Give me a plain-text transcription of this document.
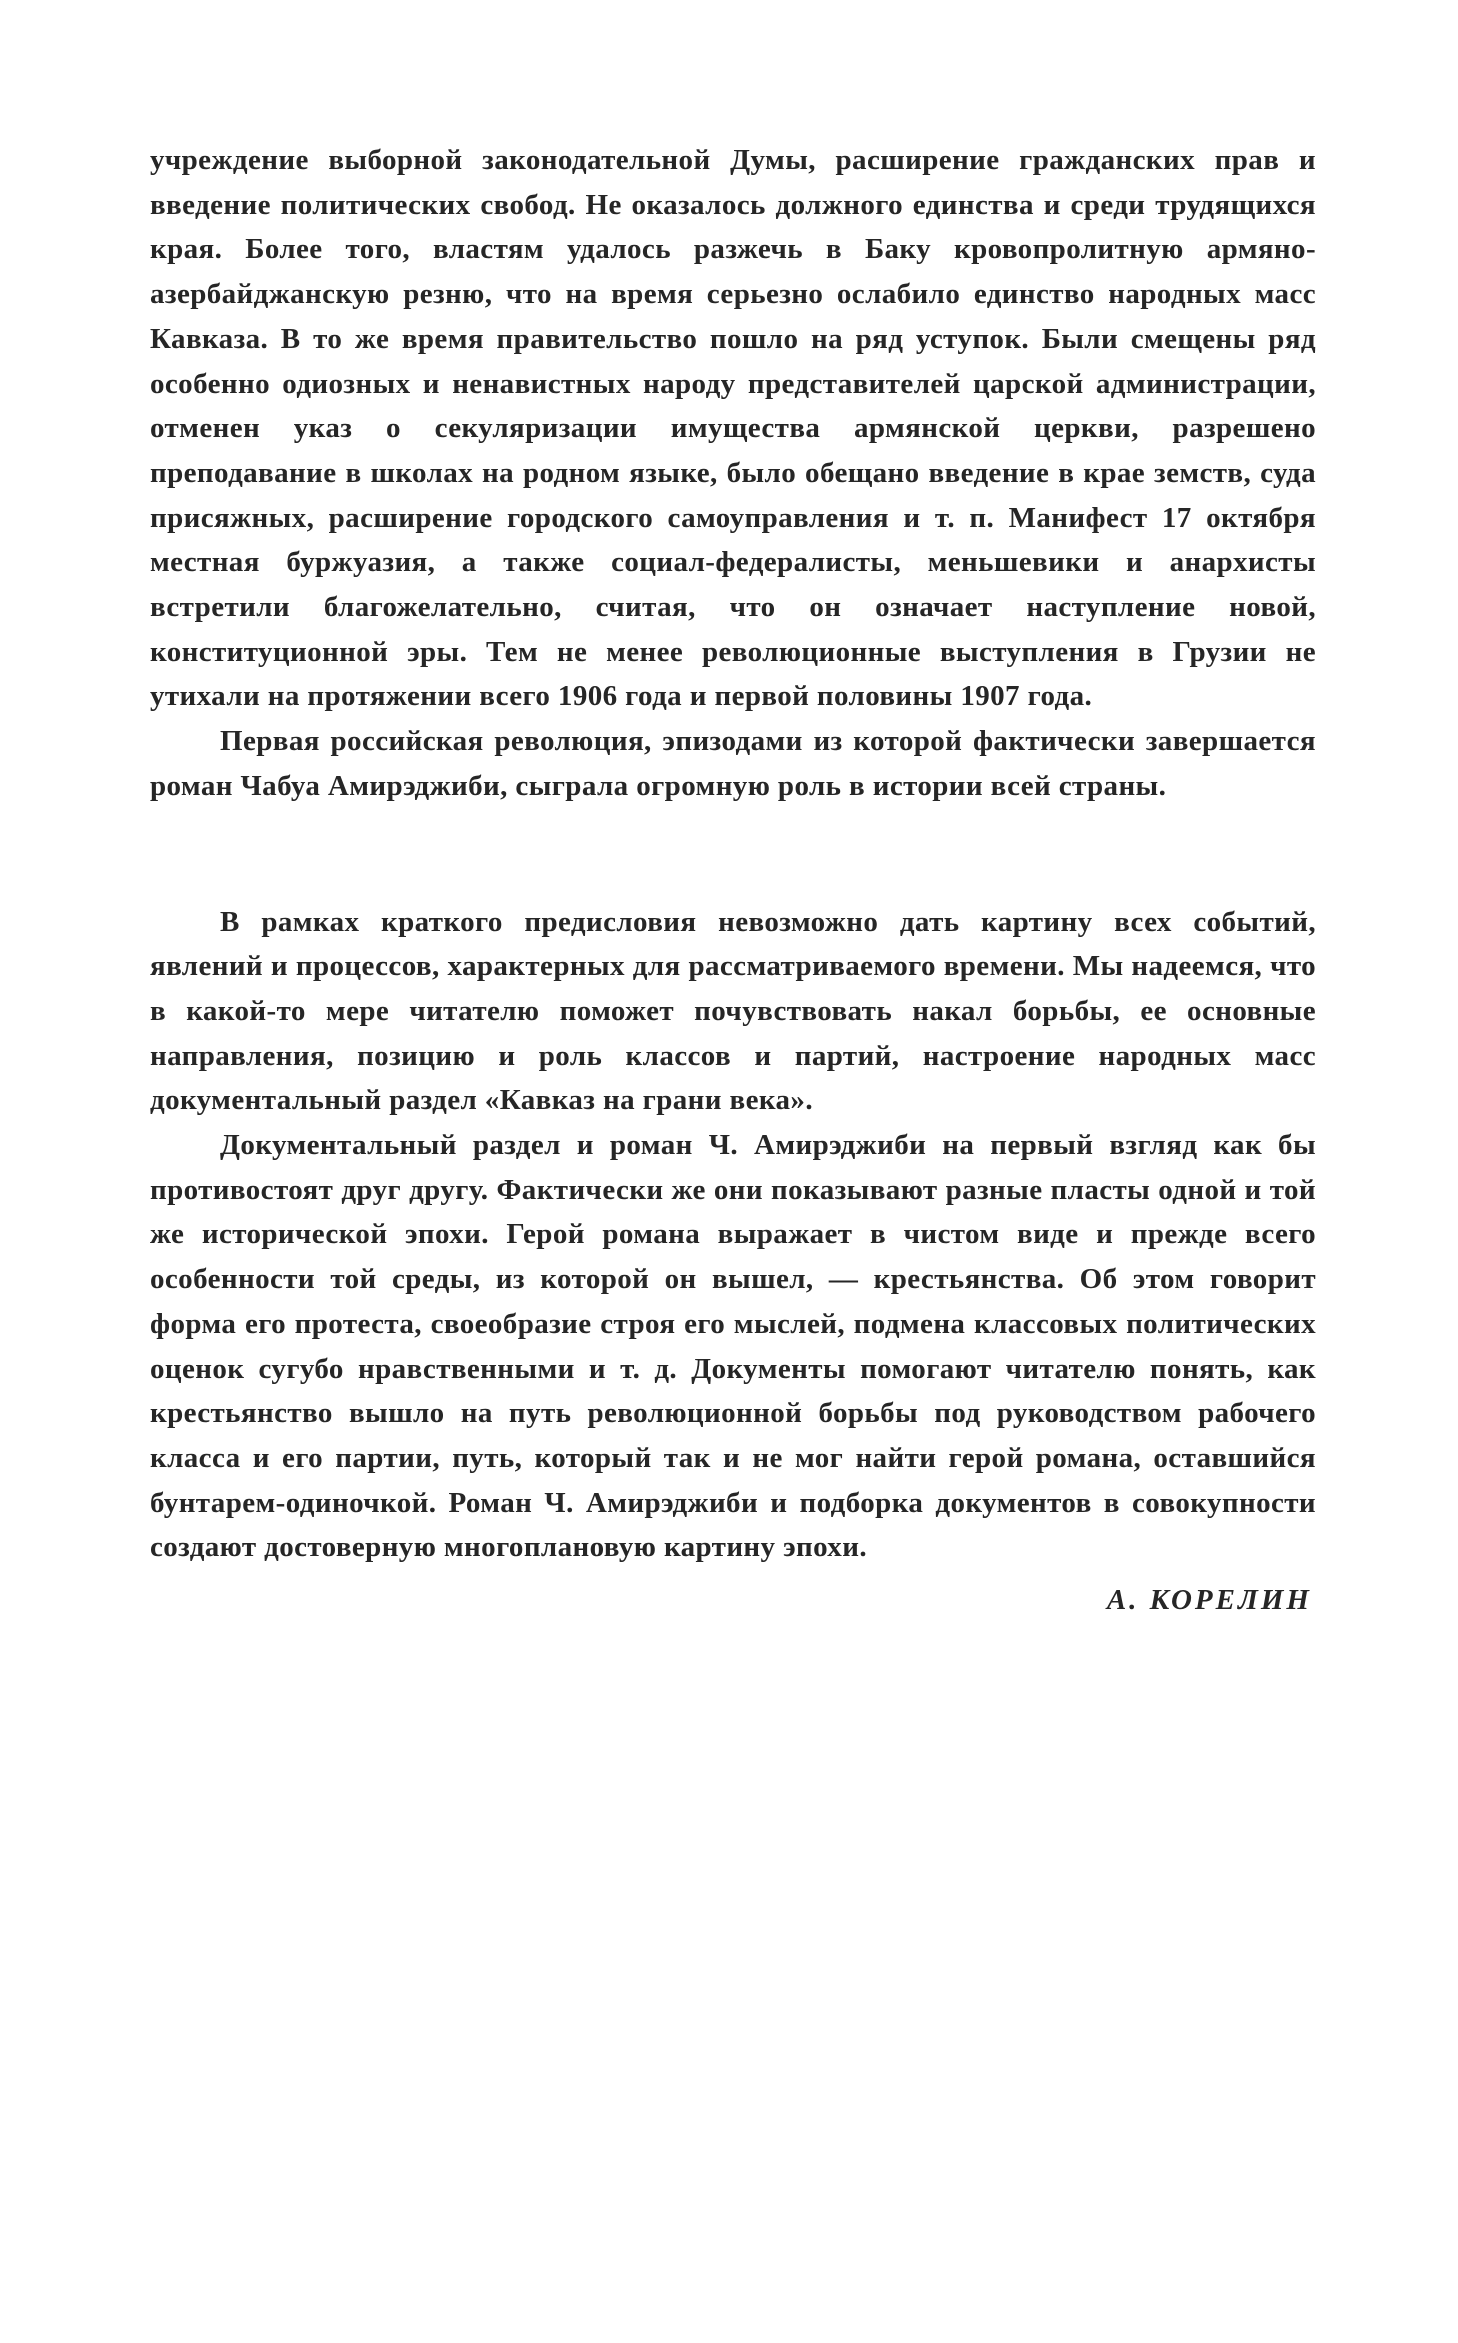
учреждение выборной законодательной Думы, расширение гражданских прав и введение политических свобод. Не оказалось должного единства и среди трудящихся края. Более того, властям удалось разжечь в Баку кровопролитную армяно-азербайджанскую резню, что на время серьезно ослабило единство народных масс Кавказа. В то же время правительство пошло на ряд уступок. Были смещены ряд особенно одиозных и ненавистных народу представителей царской администрации, отменен указ о секуляризации имущества армянской церкви, разрешено преподавание в школах на родном языке, было обещано введение в крае земств, суда присяжных, расширение городского самоуправления и т. п. Манифест 17 октября местная буржуазия, а также социал-федералисты, меньшевики и анархисты встретили благожелательно, считая, что он означает наступление новой, конституционной эры. Тем не менее революционные выступления в Грузии не утихали на протяжении всего 1906 года и первой половины 1907 года.

Первая российская революция, эпизодами из которой фактически завершается роман Чабуа Амирэджиби, сыграла огромную роль в истории всей страны.

В рамках краткого предисловия невозможно дать картину всех событий, явлений и процессов, характерных для рассматриваемого времени. Мы надеемся, что в какой-то мере читателю поможет почувствовать накал борьбы, ее основные направления, позицию и роль классов и партий, настроение народных масс документальный раздел «Кавказ на грани века».

Документальный раздел и роман Ч. Амирэджиби на первый взгляд как бы противостоят друг другу. Фактически же они показывают разные пласты одной и той же исторической эпохи. Герой романа выражает в чистом виде и прежде всего особенности той среды, из которой он вышел, — крестьянства. Об этом говорит форма его протеста, своеобразие строя его мыслей, подмена классовых политических оценок сугубо нравственными и т. д. Документы помогают читателю понять, как крестьянство вышло на путь революционной борьбы под руководством рабочего класса и его партии, путь, который так и не мог найти герой романа, оставшийся бунтарем-одиночкой. Роман Ч. Амирэджиби и подборка документов в совокупности создают достоверную многоплановую картину эпохи.

А. КОРЕЛИН
